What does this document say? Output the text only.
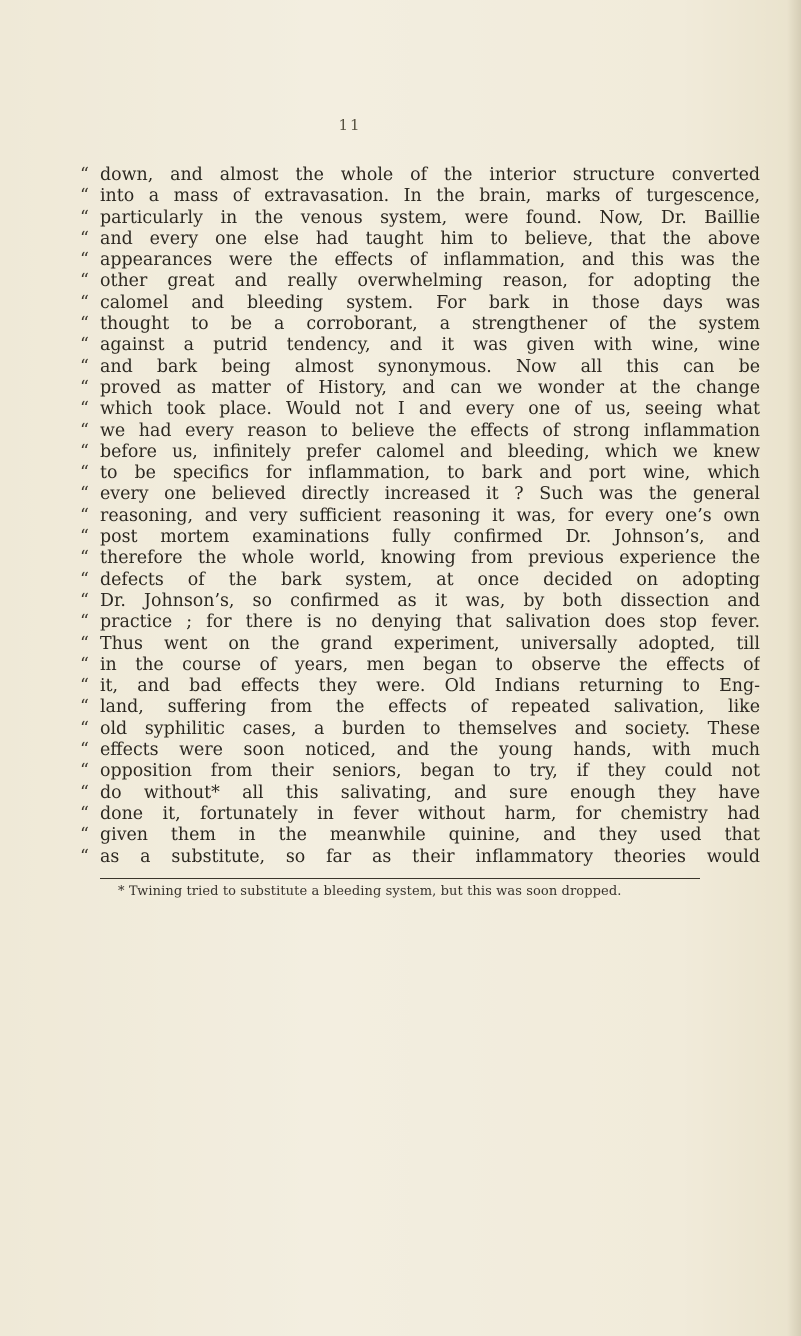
11
“ down, and almost the whole of the interior structure converted
“ into a mass of extravasation. In the brain, marks of turgescence,
“ particularly in the venous system, were found. Now, Dr. Baillie
“ and every one else had taught him to believe, that the above
“ appearances were the effects of inflammation, and this was the
“ other great and really overwhelming reason, for adopting the
“ calomel and bleeding system. For bark in those days was
“ thought to be a corroborant, a strengthener of the system
“ against a putrid tendency, and it was given with wine, wine
“ and bark being almost synonymous. Now all this can be
“ proved as matter of History, and can we wonder at the change
“ which took place. Would not I and every one of us, seeing what
“ we had every reason to believe the effects of strong inflammation
“ before us, infinitely prefer calomel and bleeding, which we knew
“ to be specifics for inflammation, to bark and port wine, which
“ every one believed directly increased it ? Such was the general
“ reasoning, and very sufficient reasoning it was, for every one’s own
“ post mortem examinations fully confirmed Dr. Johnson’s, and
“ therefore the whole world, knowing from previous experience the
“ defects of the bark system, at once decided on adopting
“ Dr. Johnson’s, so confirmed as it was, by both dissection and
“ practice ; for there is no denying that salivation does stop fever.
“ Thus went on the grand experiment, universally adopted, till
“ in the course of years, men began to observe the effects of
“ it, and bad effects they were. Old Indians returning to Eng-
“ land, suffering from the effects of repeated salivation, like
“ old syphilitic cases, a burden to themselves and society. These
“ effects were soon noticed, and the young hands, with much
“ opposition from their seniors, began to try, if they could not
“ do without* all this salivating, and sure enough they have
“ done it, fortunately in fever without harm, for chemistry had
“ given them in the meanwhile quinine, and they used that
“ as a substitute, so far as their inflammatory theories would
* Twining tried to substitute a bleeding system, but this was soon dropped.
